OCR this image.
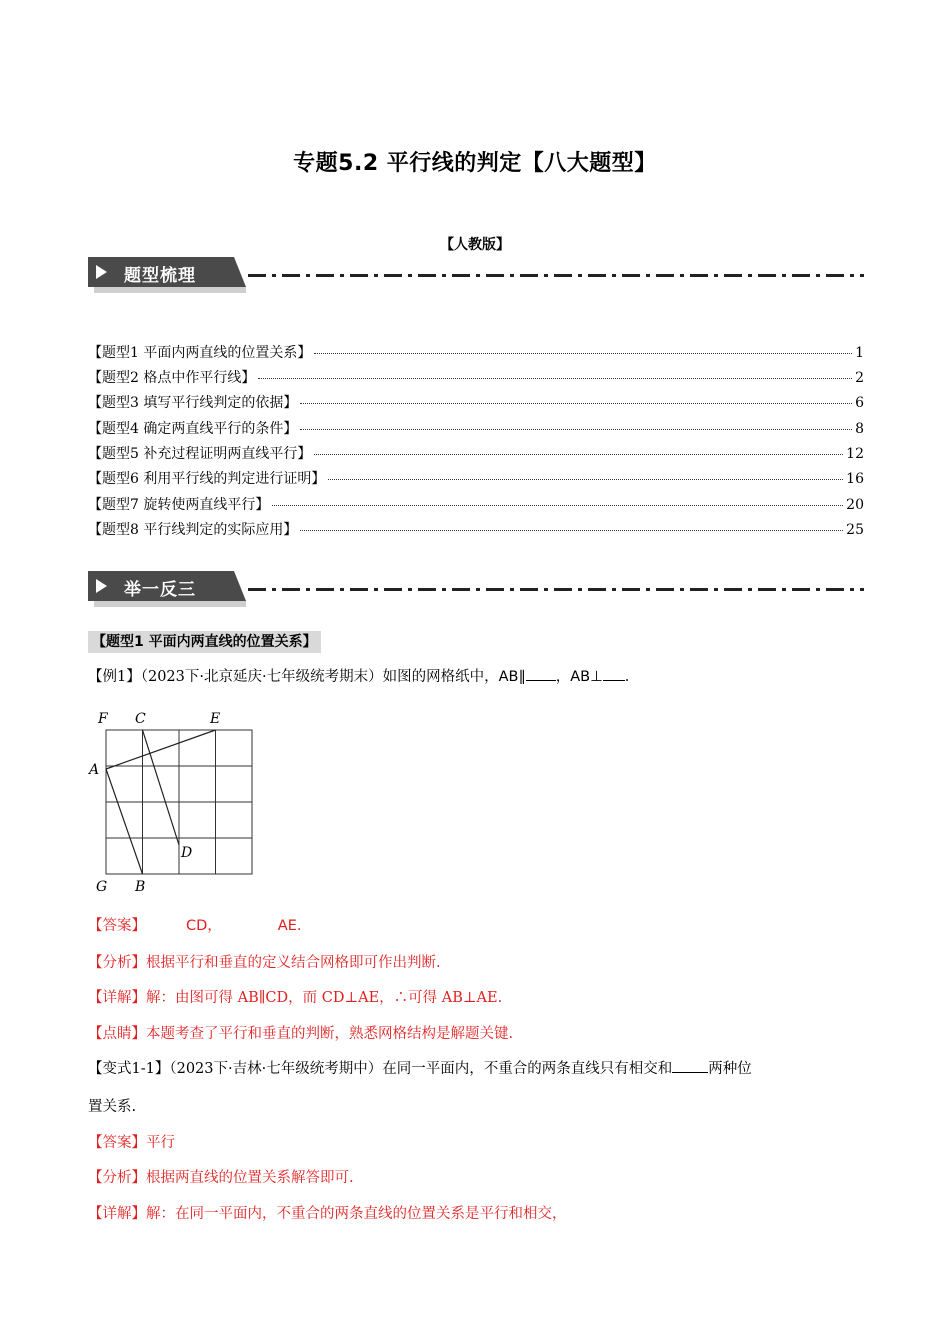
专题5.2 平行线的判定【八大题型】
【人教版】
题型梳理
【题型1 平面内两直线的位置关系】	1
【题型2 格点中作平行线】	2
【题型3 填写平行线判定的依据】	6
【题型4 确定两直线平行的条件】	8
【题型5 补充过程证明两直线平行】	12
【题型6 利用平行线的判定进行证明】	16
【题型7 旋转使两直线平行】	20
【题型8 平行线判定的实际应用】	25
举一反三
【题型1 平面内两直线的位置关系】
【例1】（2023下·北京延庆·七年级统考期末）如图的网格纸中，AB∥ ，AB⊥ .
F C	E
A
D
G B
【答案】	CD，	AE.
【分析】根据平行和垂直的定义结合网格即可作出判断.
【详解】解：由图可得 AB∥CD，而 CD⊥AE，∴可得 AB⊥AE.
【点睛】本题考查了平行和垂直的判断，熟悉网格结构是解题关键.
【变式1-1】（2023下·吉林·七年级统考期中）在同一平面内，不重合的两条直线只有相交和 两种位
置关系.
【答案】平行
【分析】根据两直线的位置关系解答即可.
【详解】解：在同一平面内，不重合的两条直线的位置关系是平行和相交，
